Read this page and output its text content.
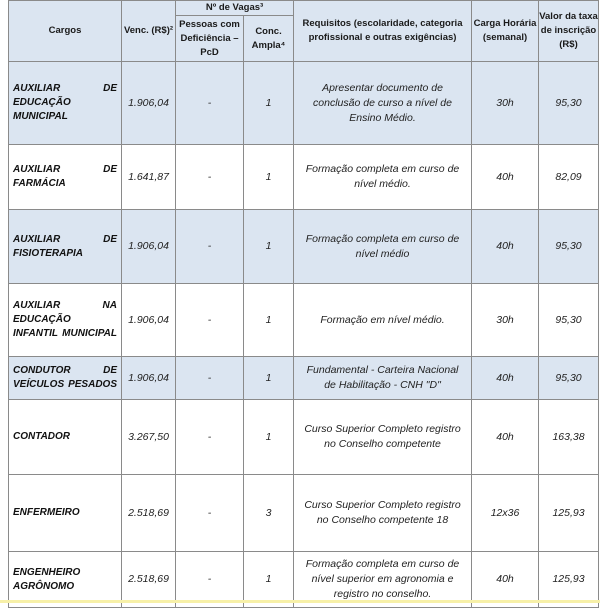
Cargos	Venc. (R$)²	Nº de Vagas³		Requisitos (escolaridade, categoria profissional e outras exigências)	Carga Horária (semanal)	Valor da taxa de inscrição (R$)
		Pessoas com Deficiência – PcD	Conc. Ampla⁴			
AUXILIAR DE EDUCAÇÃO MUNICIPAL	1.906,04	-	1	Apresentar documento de conclusão de curso a nível de Ensino Médio.	30h	95,30
AUXILIAR DE FARMÁCIA	1.641,87	-	1	Formação completa em curso de nível médio.	40h	82,09
AUXILIAR DE FISIOTERAPIA	1.906,04	-	1	Formação completa em curso de nível médio	40h	95,30
AUXILIAR NA EDUCAÇÃO INFANTIL MUNICIPAL	1.906,04	-	1	Formação em nível médio.	30h	95,30
CONDUTOR DE VEÍCULOS PESADOS	1.906,04	-	1	Fundamental - Carteira Nacional de Habilitação - CNH "D"	40h	95,30
CONTADOR	3.267,50	-	1	Curso Superior Completo registro no Conselho competente	40h	163,38
ENFERMEIRO	2.518,69	-	3	Curso Superior Completo registro no Conselho competente 18	12x36	125,93
ENGENHEIRO AGRÔNOMO	2.518,69	-	1	Formação completa em curso de nível superior em agronomia e registro no conselho.	40h	125,93
